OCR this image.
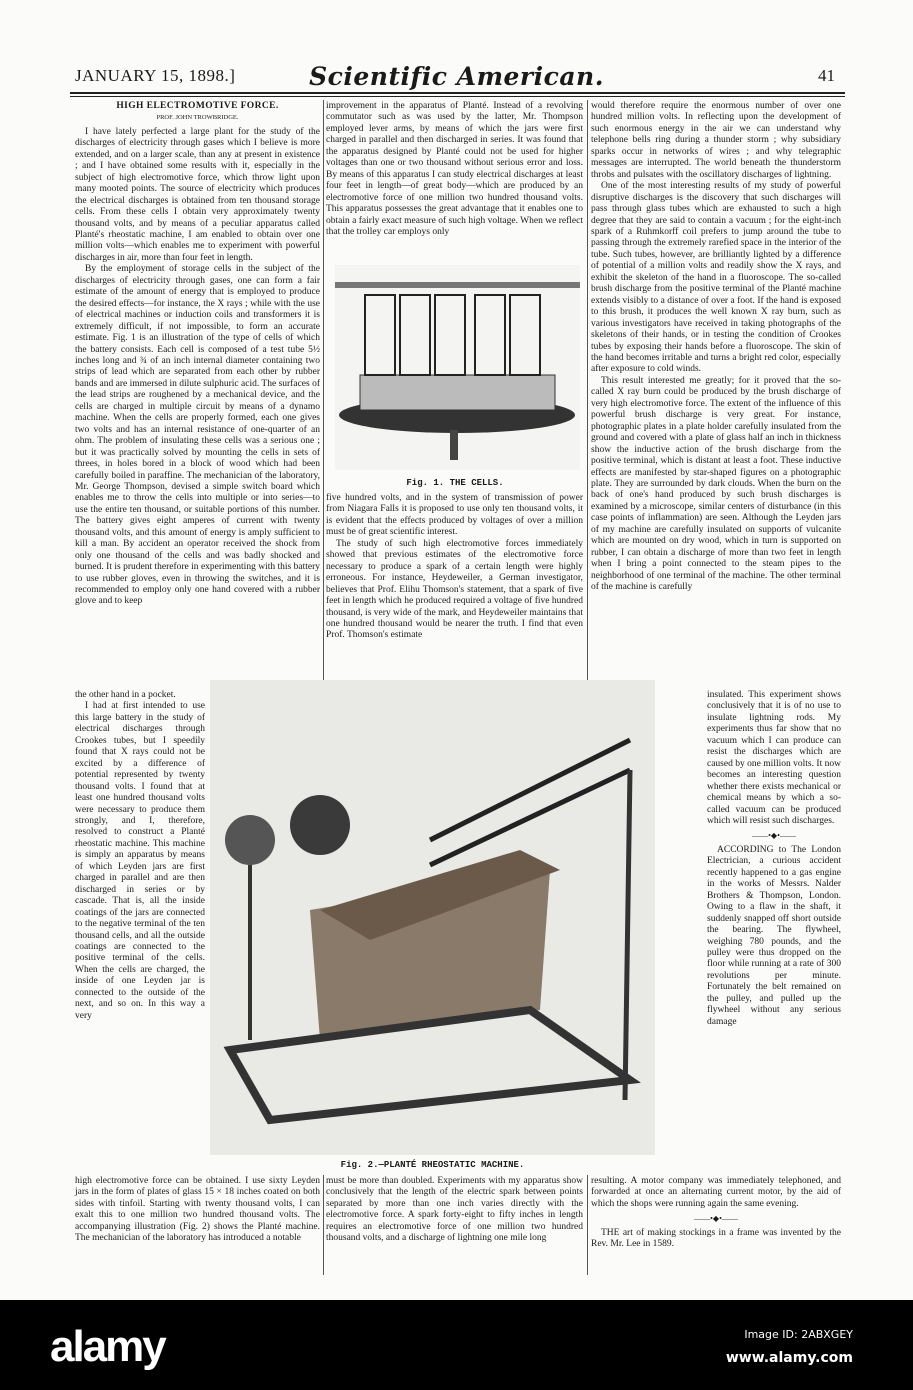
JANUARY 15, 1898.]	Scientific American.	41
HIGH ELECTROMOTIVE FORCE.
PROF. JOHN TROWBRIDGE.

I have lately perfected a large plant for the study of the discharges of electricity through gases which I believe is more extended, and on a larger scale, than any at present in existence ; and I have obtained some results with it, especially in the subject of high electromotive force, which throw light upon many mooted points. The source of electricity which produces the electrical discharges is obtained from ten thousand storage cells. From these cells I obtain very approximately twenty thousand volts, and by means of a peculiar apparatus called Planté's rheostatic machine, I am enabled to obtain over one million volts—which enables me to experiment with powerful discharges in air, more than four feet in length.

By the employment of storage cells in the subject of the discharges of electricity through gases, one can form a fair estimate of the amount of energy that is employed to produce the desired effects—for instance, the X rays ; while with the use of electrical machines or induction coils and transformers it is extremely difficult, if not impossible, to form an accurate estimate. Fig. 1 is an illustration of the type of cells of which the battery consists. Each cell is composed of a test tube 5½ inches long and ¾ of an inch internal diameter containing two strips of lead which are separated from each other by rubber bands and are immersed in dilute sulphuric acid. The surfaces of the lead strips are roughened by a mechanical device, and the cells are charged in multiple circuit by means of a dynamo machine. When the cells are properly formed, each one gives two volts and has an internal resistance of one-quarter of an ohm. The problem of insulating these cells was a serious one ; but it was practically solved by mounting the cells in sets of threes, in holes bored in a block of wood which had been carefully boiled in paraffine. The mechanician of the laboratory, Mr. George Thompson, devised a simple switch board which enables me to throw the cells into multiple or into series—to use the entire ten thousand, or suitable portions of this number. The battery gives eight amperes of current with twenty thousand volts, and this amount of energy is amply sufficient to kill a man. By accident an operator received the shock from only one thousand of the cells and was badly shocked and burned. It is prudent therefore in experimenting with this battery to use rubber gloves, even in throwing the switches, and it is recommended to employ only one hand covered with a rubber glove and to keep

the other hand in a pocket.

I had at first intended to use this large battery in the study of electrical discharges through Crookes tubes, but I speedily found that X rays could not be excited by a difference of potential represented by twenty thousand volts. I found that at least one hundred thousand volts were necessary to produce them strongly, and I, therefore, resolved to construct a Planté rheostatic machine. This machine is simply an apparatus by means of which Leyden jars are first charged in parallel and are then discharged in series or by cascade. That is, all the inside coatings of the jars are connected to the negative terminal of the ten thousand cells, and all the outside coatings are connected to the positive terminal of the cells. When the cells are charged, the inside of one Leyden jar is connected to the outside of the next, and so on. In this way a very

improvement in the apparatus of Planté. Instead of a revolving commutator such as was used by the latter, Mr. Thompson employed lever arms, by means of which the jars were first charged in parallel and then discharged in series. It was found that the apparatus designed by Planté could not be used for higher voltages than one or two thousand without serious error and loss. By means of this apparatus I can study electrical discharges at least four feet in length—of great body—which are produced by an electromotive force of one million two hundred thousand volts. This apparatus possesses the great advantage that it enables one to obtain a fairly exact measure of such high voltage. When we reflect that the trolley car employs only

Fig. 1. THE CELLS.

five hundred volts, and in the system of transmission of power from Niagara Falls it is proposed to use only ten thousand volts, it is evident that the effects produced by voltages of over a million must be of great scientific interest.

The study of such high electromotive forces immediately showed that previous estimates of the electromotive force necessary to produce a spark of a certain length were highly erroneous. For instance, Heydeweiler, a German investigator, believes that Prof. Elihu Thomson's statement, that a spark of five feet in length which he produced required a voltage of five hundred thousand, is very wide of the mark, and Heydeweiler maintains that one hundred thousand would be nearer the truth. I find that even Prof. Thomson's estimate

would therefore require the enormous number of over one hundred million volts. In reflecting upon the development of such enormous energy in the air we can understand why telephone bells ring during a thunder storm ; why subsidiary sparks occur in networks of wires ; and why telegraphic messages are interrupted. The world beneath the thunderstorm throbs and pulsates with the oscillatory discharges of lightning.

One of the most interesting results of my study of powerful disruptive discharges is the discovery that such discharges will pass through glass tubes which are exhausted to such a high degree that they are said to contain a vacuum ; for the eight-inch spark of a Ruhmkorff coil prefers to jump around the tube to passing through the extremely rarefied space in the interior of the tube. Such tubes, however, are brilliantly lighted by a difference of potential of a million volts and readily show the X rays, and exhibit the skeleton of the hand in a fluoroscope. The so-called brush discharge from the positive terminal of the Planté machine extends visibly to a distance of over a foot. If the hand is exposed to this brush, it produces the well known X ray burn, such as various investigators have received in taking photographs of the skeletons of their hands, or in testing the condition of Crookes tubes by exposing their hands before a fluoroscope. The skin of the hand becomes irritable and turns a bright red color, especially after exposure to cold winds.

This result interested me greatly; for it proved that the so-called X ray burn could be produced by the brush discharge of very high electromotive force. The extent of the influence of this powerful brush discharge is very great. For instance, photographic plates in a plate holder carefully insulated from the ground and covered with a plate of glass half an inch in thickness show the inductive action of the brush discharge from the positive terminal, which is distant at least a foot. These inductive effects are manifested by star-shaped figures on a photographic plate. They are surrounded by dark clouds. When the burn on the back of one's hand produced by such brush discharges is examined by a microscope, similar centers of disturbance (in this case points of inflammation) are seen. Although the Leyden jars of my machine are carefully insulated on supports of vulcanite which are mounted on dry wood, which in turn is supported on rubber, I can obtain a discharge of more than two feet in length when I bring a point connected to the steam pipes to the neighborhood of one terminal of the machine. The other terminal of the machine is carefully

insulated. This experiment shows conclusively that it is of no use to insulate lightning rods. My experiments thus far show that no vacuum which I can produce can resist the discharges which are caused by one million volts. It now becomes an interesting question whether there exists mechanical or chemical means by which a so-called vacuum can be produced which will resist such discharges.

——•◆•——

ACCORDING to The London Electrician, a curious accident recently happened to a gas engine in the works of Messrs. Nalder Brothers & Thompson, London. Owing to a flaw in the shaft, it suddenly snapped off short outside the bearing. The flywheel, weighing 780 pounds, and the pulley were thus dropped on the floor while running at a rate of 300 revolutions per minute. Fortunately the belt remained on the pulley, and pulled up the flywheel without any serious damage

Fig. 2.—PLANTÉ RHEOSTATIC MACHINE.

high electromotive force can be obtained. I use sixty Leyden jars in the form of plates of glass 15 × 18 inches coated on both sides with tinfoil. Starting with twenty thousand volts, I can exalt this to one million two hundred thousand volts. The accompanying illustration (Fig. 2) shows the Planté machine. The mechanician of the laboratory has introduced a notable

must be more than doubled. Experiments with my apparatus show conclusively that the length of the electric spark between points separated by more than one inch varies directly with the electromotive force. A spark forty-eight to fifty inches in length requires an electromotive force of one million two hundred thousand volts, and a discharge of lightning one mile long

resulting. A motor company was immediately telephoned, and forwarded at once an alternating current motor, by the aid of which the shops were running again the same evening.

——•◆•——

THE art of making stockings in a frame was invented by the Rev. Mr. Lee in 1589.

alamy	Image ID: 2ABXGEY
www.alamy.com
